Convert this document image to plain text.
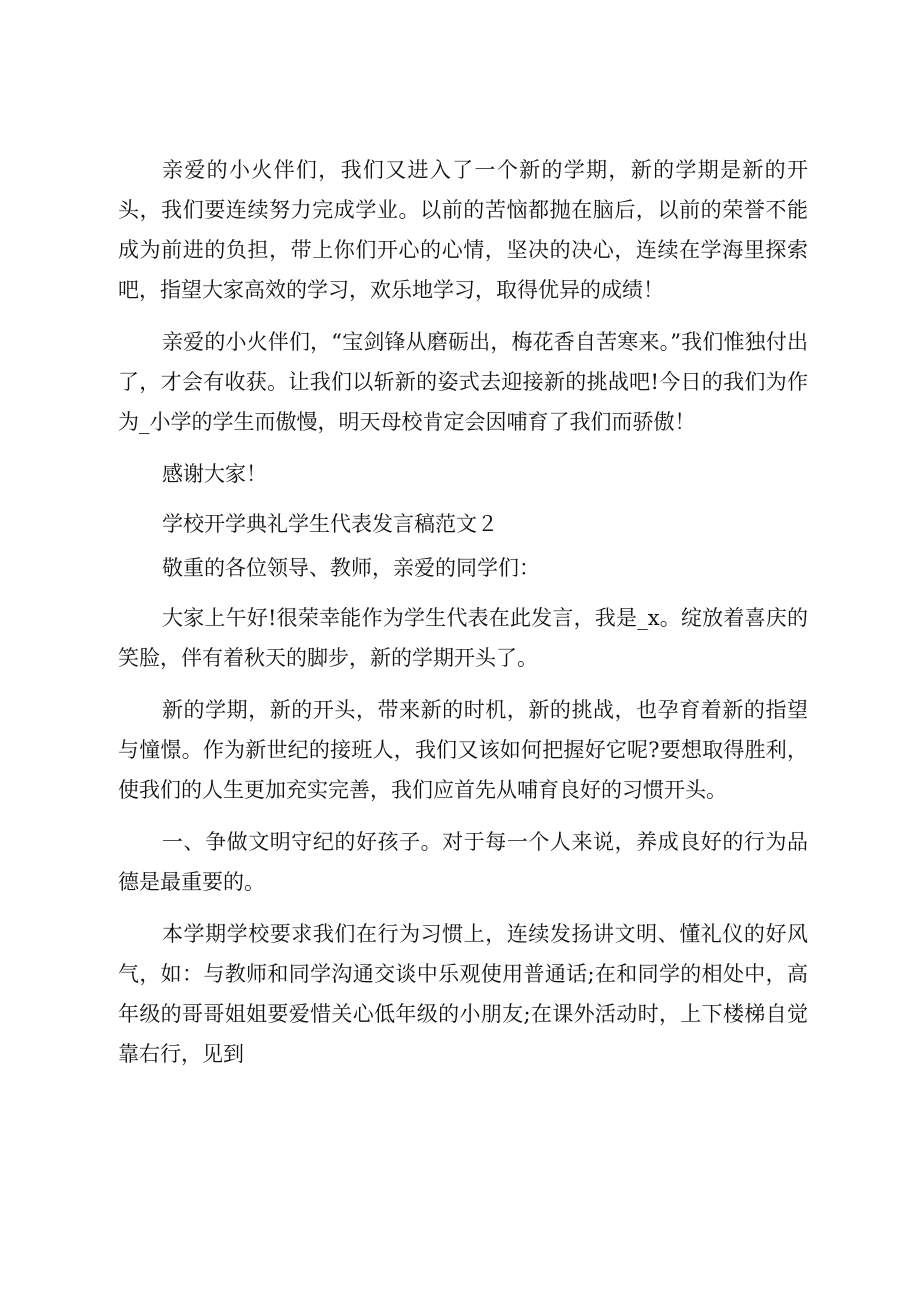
亲爱的小火伴们，我们又进入了一个新的学期，新的学期是新的开头，我们要连续努力完成学业。以前的苦恼都抛在脑后，以前的荣誉不能成为前进的负担，带上你们开心的心情，坚决的决心，连续在学海里探索吧，指望大家高效的学习，欢乐地学习，取得优异的成绩！

亲爱的小火伴们，“宝剑锋从磨砺出，梅花香自苦寒来。”我们惟独付出了，才会有收获。让我们以斩新的姿式去迎接新的挑战吧!今日的我们为作为_小学的学生而傲慢，明天母校肯定会因哺育了我们而骄傲！

感谢大家！

学校开学典礼学生代表发言稿范文２

敬重的各位领导、教师，亲爱的同学们：

大家上午好!很荣幸能作为学生代表在此发言，我是_x。绽放着喜庆的笑脸，伴有着秋天的脚步，新的学期开头了。

新的学期，新的开头，带来新的时机，新的挑战，也孕育着新的指望与憧憬。作为新世纪的接班人，我们又该如何把握好它呢?要想取得胜利，使我们的人生更加充实完善，我们应首先从哺育良好的习惯开头。

一、争做文明守纪的好孩子。对于每一个人来说，养成良好的行为品德是最重要的。

本学期学校要求我们在行为习惯上，连续发扬讲文明、懂礼仪的好风气，如：与教师和同学沟通交谈中乐观使用普通话;在和同学的相处中，高年级的哥哥姐姐要爱惜关心低年级的小朋友;在课外活动时，上下楼梯自觉靠右行，见到
